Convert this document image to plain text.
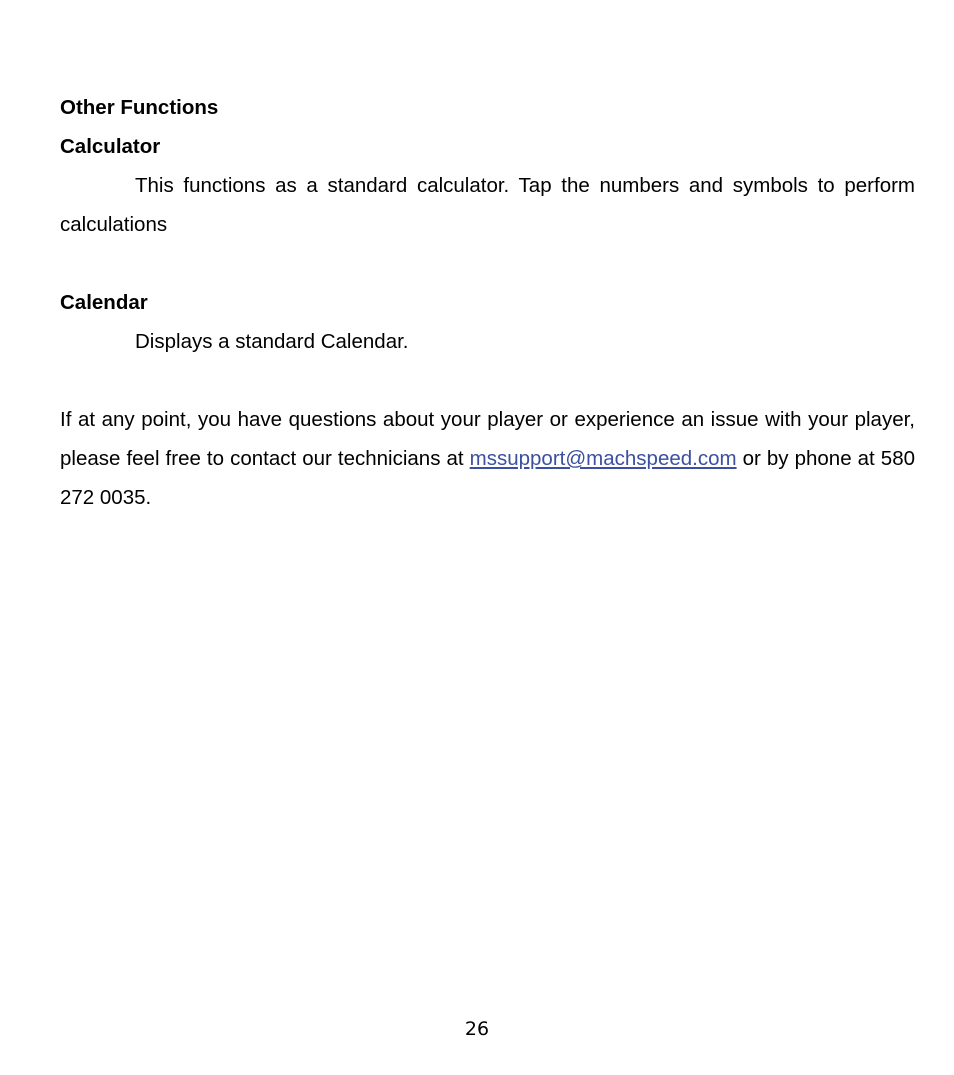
Other Functions

Calculator

This functions as a standard calculator. Tap the numbers and symbols to perform calculations

Calendar

Displays a standard Calendar.

If at any point, you have questions about your player or experience an issue with your player, please feel free to contact our technicians at mssupport@machspeed.com or by phone at 580 272 0035.

26
